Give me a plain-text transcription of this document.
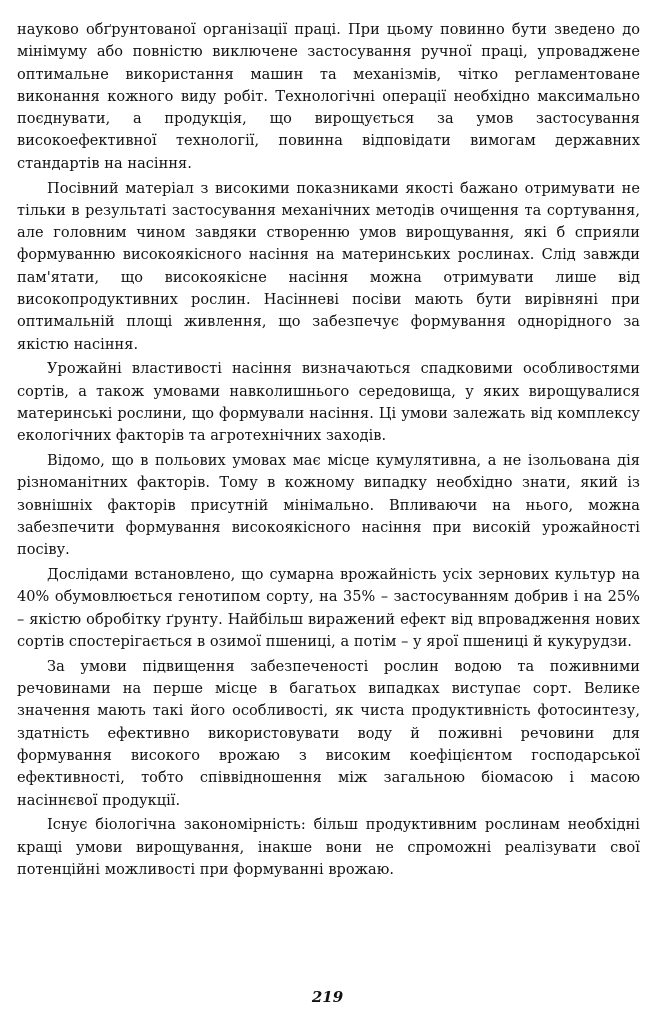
науково обґрунтованої організації праці. При цьому повинно бути зведено до мінімуму або повністю виключене застосування ручної праці, упроваджене оптимальне використання машин та механізмів, чітко регламентоване виконання кожного виду робіт. Технологічні операції необхідно максимально поєднувати, а продукція, що вирощується за умов застосування високоефективної технології, повинна відповідати вимогам державних стандартів на насіння.

Посівний матеріал з високими показниками якості бажано отримувати не тільки в результаті застосування механічних методів очищення та сортування, але головним чином завдяки створенню умов вирощування, які б сприяли формуванню високоякісного насіння на материнських рослинах. Слід завжди пам'ятати, що високоякісне насіння можна отримувати лише від високопродуктивних рослин. Насінневі посіви мають бути вирівняні при оптимальній площі живлення, що забезпечує формування однорідного за якістю насіння.

Урожайні властивості насіння визначаються спадковими особливостями сортів, а також умовами навколишнього середовища, у яких вирощувалися материнські рослини, що формували насіння. Ці умови залежать від комплексу екологічних факторів та агротехнічних заходів.

Відомо, що в польових умовах має місце кумулятивна, а не ізольована дія різноманітних факторів. Тому в кожному випадку необхідно знати, який із зовнішніх факторів присутній мінімально. Впливаючи на нього, можна забезпечити формування високоякісного насіння при високій урожайності посіву.

Дослідами встановлено, що сумарна врожайність усіх зернових культур на 40% обумовлюється генотипом сорту, на 35% – застосуванням добрив і на 25% – якістю обробітку ґрунту. Найбільш виражений ефект від впровадження нових сортів спостерігається в озимої пшениці, а потім – у ярої пшениці й кукурудзи.

За умови підвищення забезпеченості рослин водою та поживними речовинами на перше місце в багатьох випадках виступає сорт. Велике значення мають такі його особливості, як чиста продуктивність фотосинтезу, здатність ефективно використовувати воду й поживні речовини для формування високого врожаю з високим коефіцієнтом господарської ефективності, тобто співвідношення між загальною біомасою і масою насіннєвої продукції.

Існує біологічна закономірність: більш продуктивним рослинам необхідні кращі умови вирощування, інакше вони не спроможні реалізувати свої потенційні можливості при формуванні врожаю.

219
